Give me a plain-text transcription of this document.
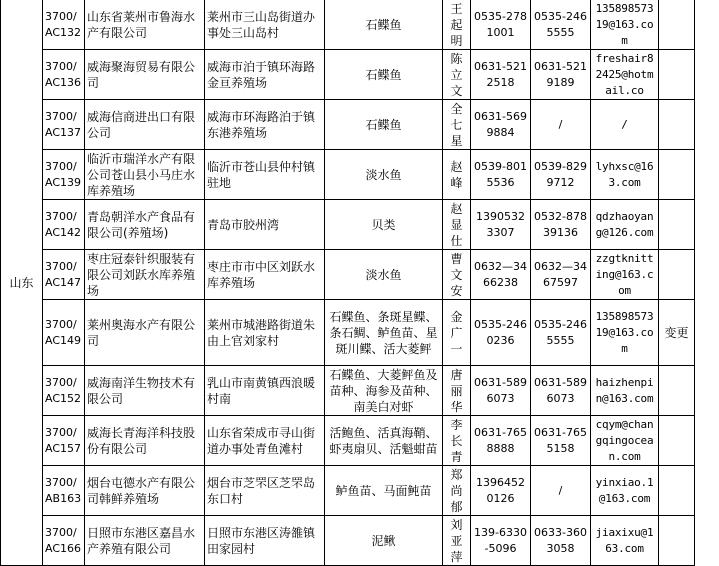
山东
3700/ AC132
山东省莱州市鲁海水产有限公司
莱州市三山岛街道办事处三山岛村
石鲽鱼
王起明
0535-2781001
0535-2465555
13589857319@163.com
3700/ AC136
威海聚海贸易有限公司
威海市泊于镇环海路金亘养殖场
石鲽鱼
陈立文
0631-5212518
0631-5219189
freshair82425@hotmail.co
3700/ AC137
威海信商进出口有限公司
威海市环海路泊于镇东港养殖场
石鲽鱼
全七星
0631-5699884
/	/
3700/ AC139
临沂市瑞洋水产有限公司苍山县小马庄水库养殖场
临沂市苍山县仲村镇驻地
淡水鱼
赵峰
0539-8015536
0539-8299712
lyhxsc@163.com
3700/ AC142
青岛朝洋水产食品有限公司(养殖场)
青岛市胶州湾	贝类
赵显仕
13905323307
0532-87839136
qdzhaoyang@126.com
3700/ AC147
枣庄冠泰针织服装有限公司刘跃水库养殖场
枣庄市市中区刘跃水库养殖场
淡水鱼
曹文安
0632—3466238
0632—3467597
zzgtknitting@163.com
3700/ AC149
莱州奥海水产有限公司
莱州市城港路街道朱由上官刘家村
石鲽鱼、条斑星鲽、条石鲷、鲈鱼苗、星斑川鲽、活大菱鲆
金广一
0535-2460236
0535-2465555
13589857319@163.com
变更
3700/ AC152
威海南洋生物技术有限公司
乳山市南黄镇西浪暖村南
石鲽鱼、大菱鲆鱼及苗种、海参及苗种、南美白对虾
唐丽华
0631-5896073
0631-5896073
haizhenpin@163.com
3700/ AC157
威海长青海洋科技股份有限公司
山东省荣成市寻山街道办事处青鱼滩村
活鲍鱼、活真海鞘、虾夷扇贝、活魁蚶苗
李长青
0631-7658888
0631-7655158
cqym@changqingocean.com
3700/ AB163
烟台屯德水产有限公司韩鲜养殖场
烟台市芝罘区芝罘岛东口村
鲈鱼苗、马面鲀苗
郑尚郁
13964520126
/
yinxiao.1@163.com
3700/ AC166
日照市东港区嘉昌水产养殖有限公司
日照市东港区涛雒镇田家园村
泥鳅
刘亚萍
139-6330-5096
0633-3603058
jiaxixu@163.com
